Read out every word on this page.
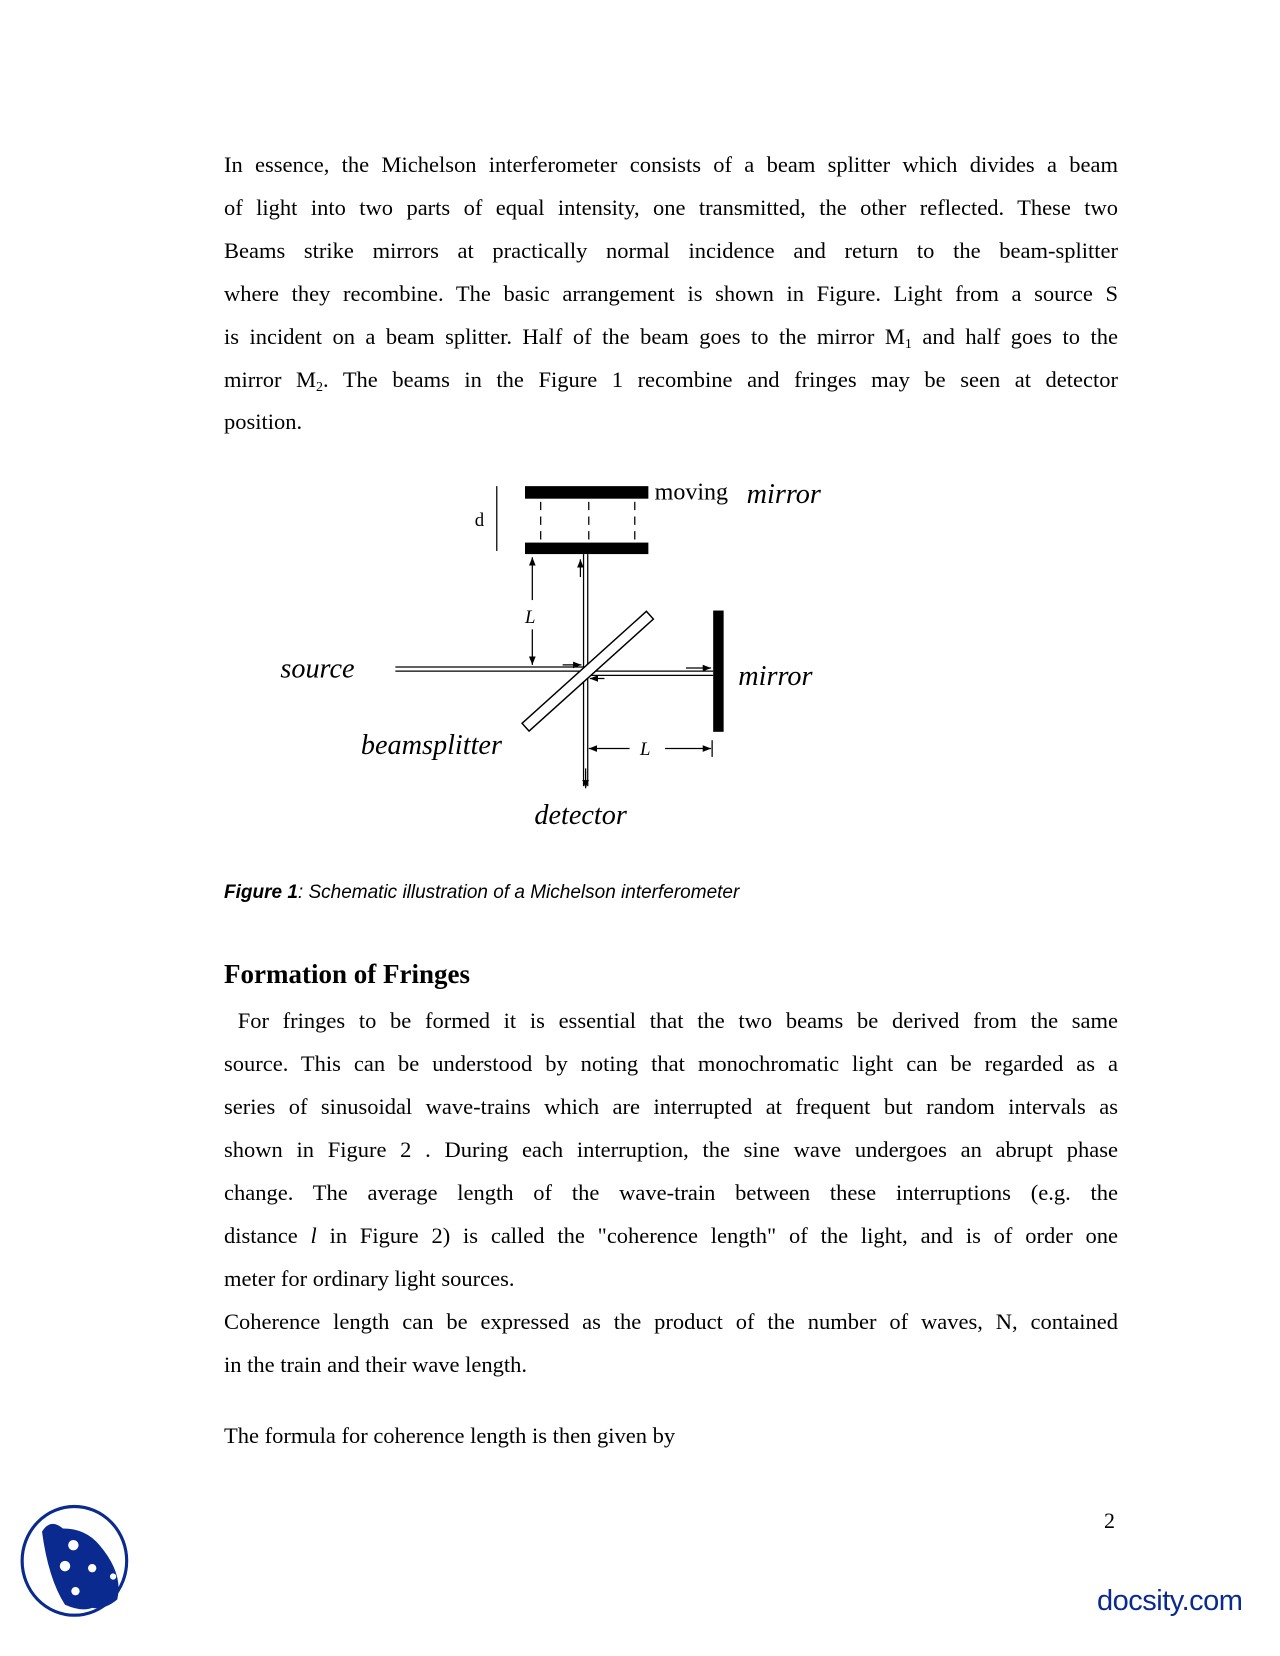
In essence, the Michelson interferometer consists of a beam splitter which divides a beam
of light into two parts of equal intensity, one transmitted, the other reflected. These two
Beams strike mirrors at practically normal incidence and return to the beam-splitter
where they recombine. The basic arrangement is shown in Figure. Light from a source S
is incident on a beam splitter. Half of the beam goes to the mirror $M_1$ and half goes to the
mirror $M_2$. The beams in the Figure 1 recombine and fringes may be seen at detector
position.
d
moving mirror
L
source	mirror
beamsplitter	L
detector
Figure 1: Schematic illustration of a Michelson interferometer
Formation of Fringes
For fringes to be formed it is essential that the two beams be derived from the same
source. This can be understood by noting that monochromatic light can be regarded as a
series of sinusoidal wave-trains which are interrupted at frequent but random intervals as
shown in Figure 2 . During each interruption, the sine wave undergoes an abrupt phase
change. The average length of the wave-train between these interruptions (e.g. the
distance l in Figure 2) is called the "coherence length" of the light, and is of order one
meter for ordinary light sources.
Coherence length can be expressed as the product of the number of waves, N, contained
in the train and their wave length.
The formula for coherence length is then given by
2
docsity.com
